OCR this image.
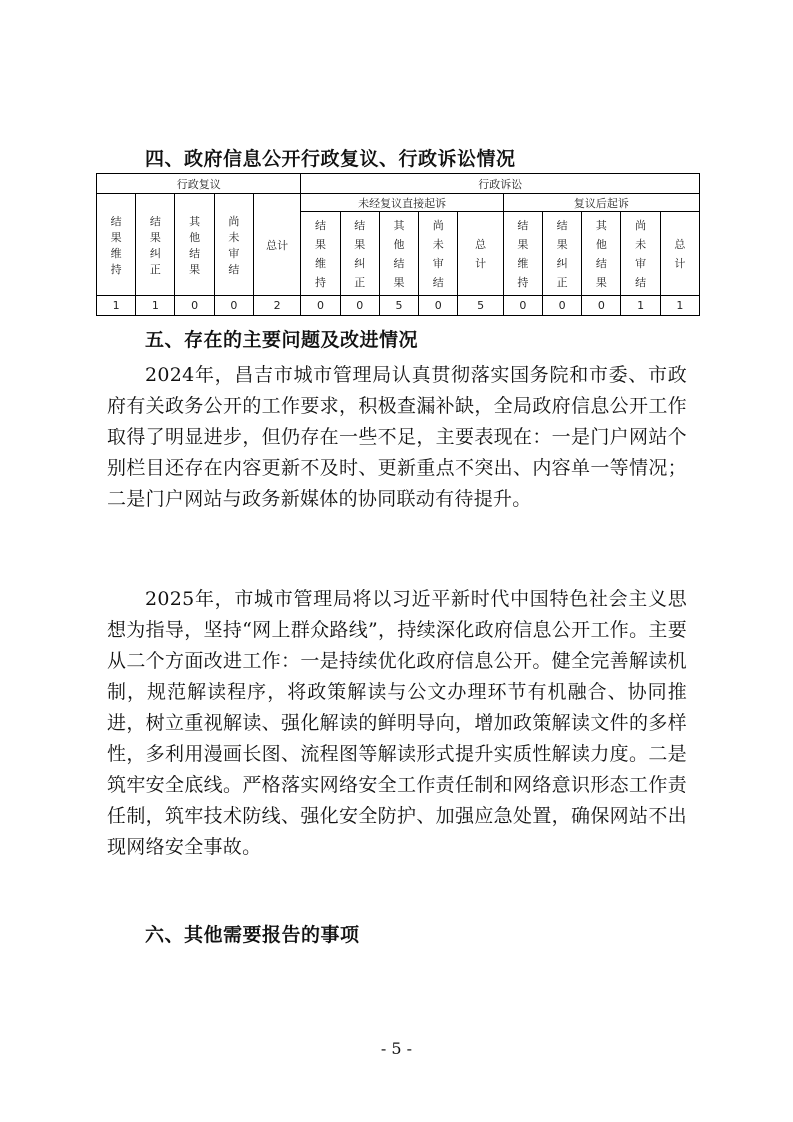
四、政府信息公开行政复议、行政诉讼情况
行政复议					行政诉讼									
结果维持	结果纠正	其他结果	尚未审结	总计	未经复议直接起诉					复议后起诉				
					结果维持	结果纠正	其他结果	尚未审结	总计	结果维持	结果纠正	其他结果	尚未审结	总计
1	1	0	0	2	0	0	5	0	5	0	0	0	1	1
五、存在的主要问题及改进情况

2024年，昌吉市城市管理局认真贯彻落实国务院和市委、市政府有关政务公开的工作要求，积极查漏补缺，全局政府信息公开工作取得了明显进步，但仍存在一些不足，主要表现在：一是门户网站个别栏目还存在内容更新不及时、更新重点不突出、内容单一等情况；二是门户网站与政务新媒体的协同联动有待提升。

2025年，市城市管理局将以习近平新时代中国特色社会主义思想为指导，坚持“网上群众路线”，持续深化政府信息公开工作。主要从二个方面改进工作：一是持续优化政府信息公开。健全完善解读机制，规范解读程序，将政策解读与公文办理环节有机融合、协同推进，树立重视解读、强化解读的鲜明导向，增加政策解读文件的多样性，多利用漫画长图、流程图等解读形式提升实质性解读力度。二是筑牢安全底线。严格落实网络安全工作责任制和网络意识形态工作责任制，筑牢技术防线、强化安全防护、加强应急处置，确保网站不出现网络安全事故。

六、其他需要报告的事项
- 5 -
